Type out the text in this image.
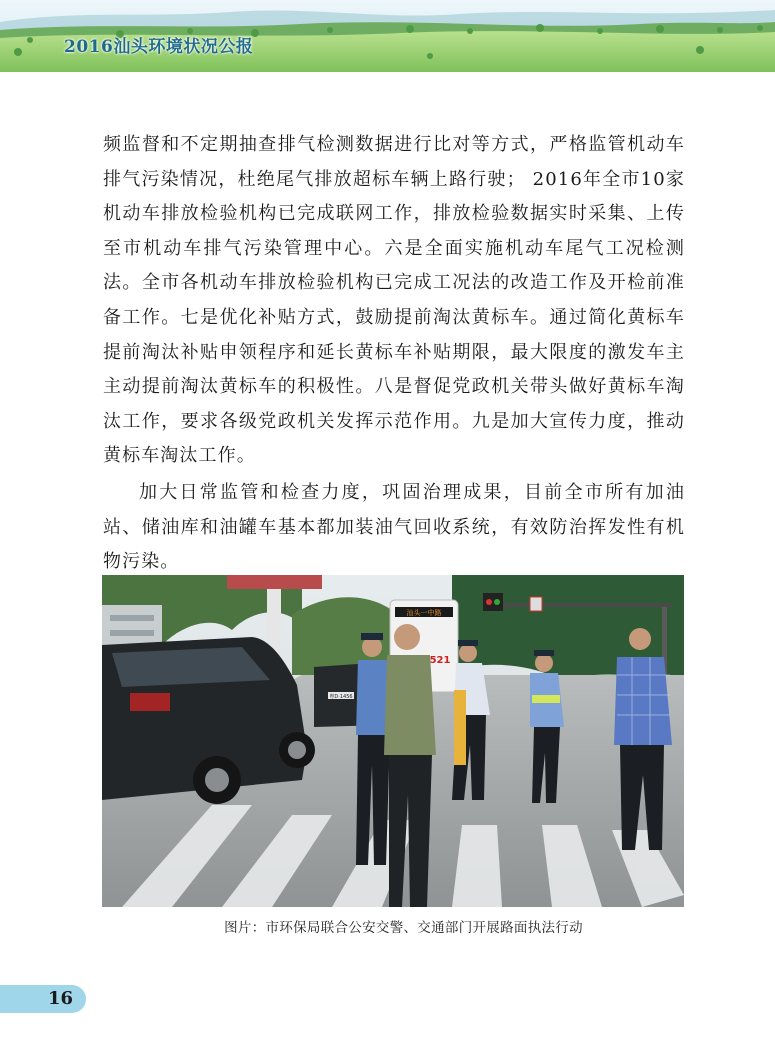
2016汕头环境状况公报

频监督和不定期抽查排气检测数据进行比对等方式，严格监管机动车排气污染情况，杜绝尾气排放超标车辆上路行驶； 2016年全市10家机动车排放检验机构已完成联网工作，排放检验数据实时采集、上传至市机动车排气污染管理中心。六是全面实施机动车尾气工况检测法。全市各机动车排放检验机构已完成工况法的改造工作及开检前准备工作。七是优化补贴方式，鼓励提前淘汰黄标车。通过简化黄标车提前淘汰补贴申领程序和延长黄标车补贴期限，最大限度的激发车主主动提前淘汰黄标车的积极性。八是督促党政机关带头做好黄标车淘汰工作，要求各级党政机关发挥示范作用。九是加大宣传力度，推动黄标车淘汰工作。

加大日常监管和检查力度，巩固治理成果，目前全市所有加油站、储油库和油罐车基本都加装油气回收系统，有效防治挥发性有机物污染。

汕头一中路
521
粤D·1456
图片：市环保局联合公安交警、交通部门开展路面执法行动
16
